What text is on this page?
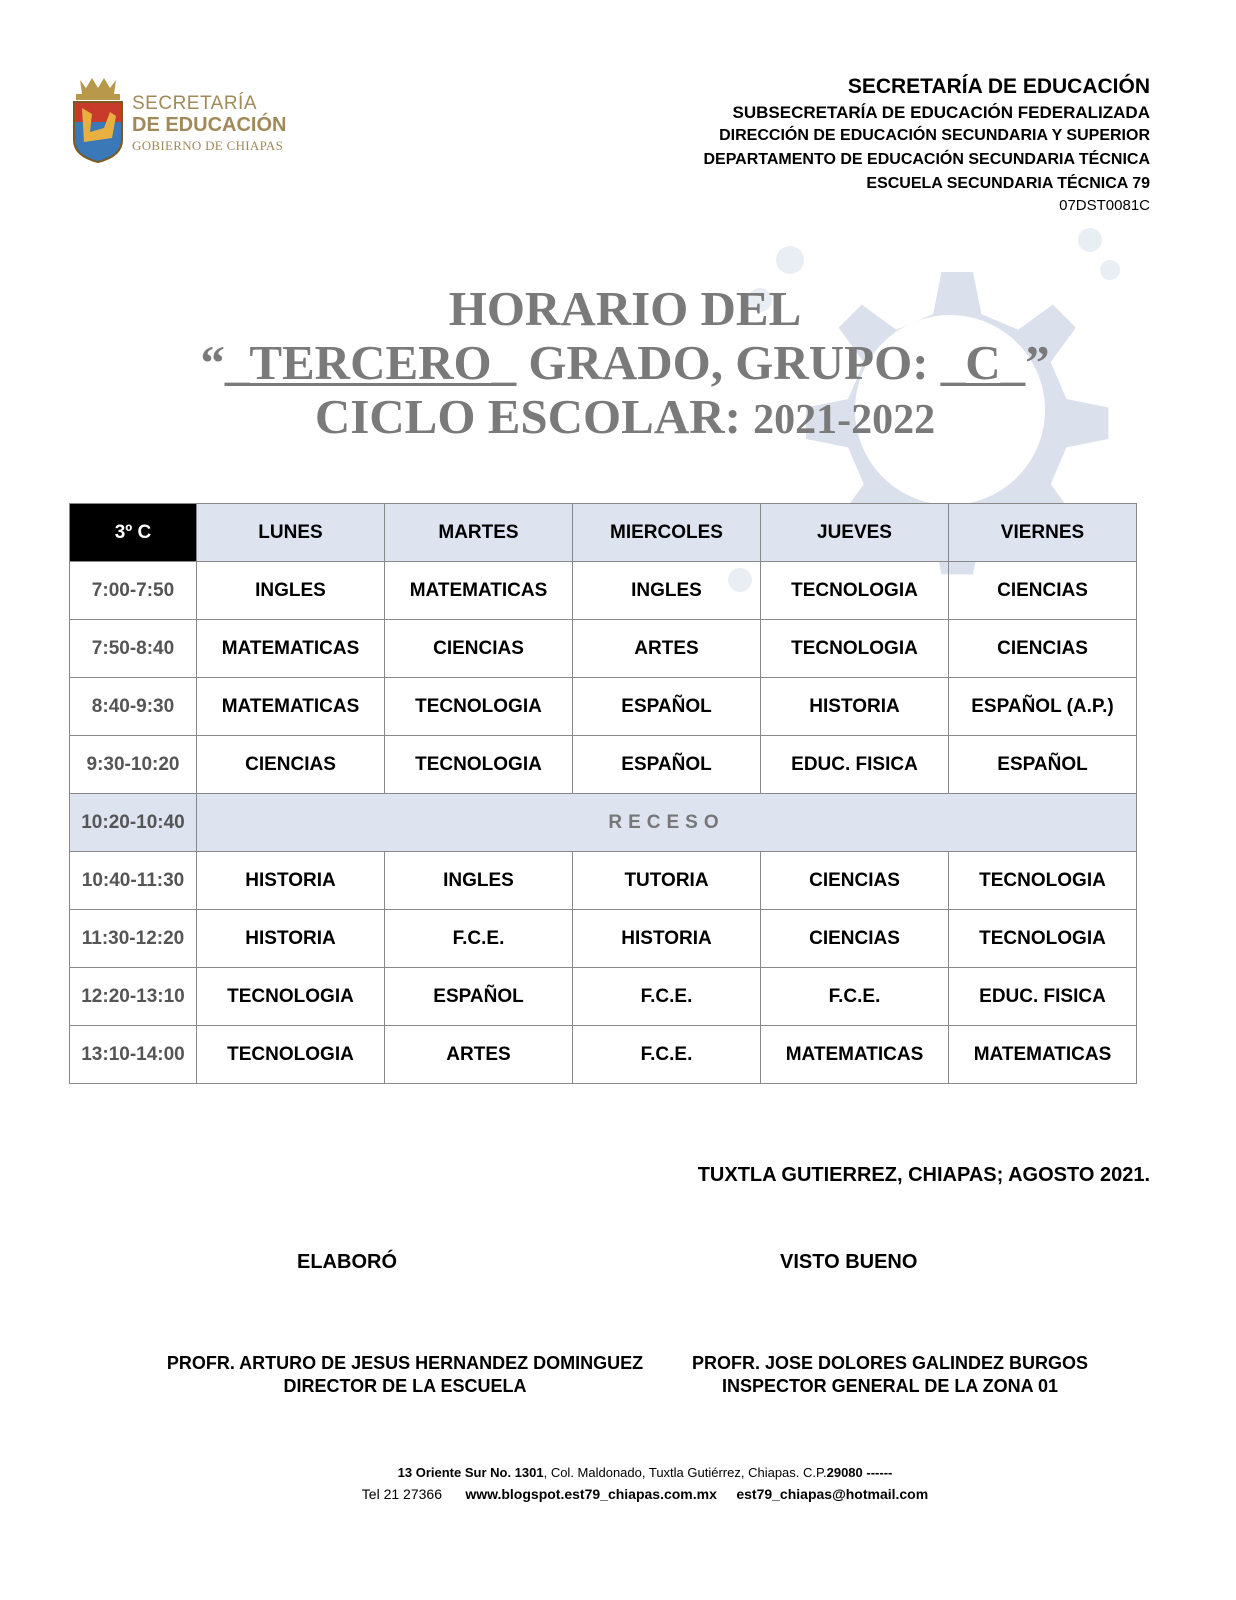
SECRETARÍA
DE EDUCACIÓN
GOBIERNO DE CHIAPAS
SECRETARÍA DE EDUCACIÓN
SUBSECRETARÍA DE EDUCACIÓN FEDERALIZADA
DIRECCIÓN DE EDUCACIÓN SECUNDARIA Y SUPERIOR
DEPARTAMENTO DE EDUCACIÓN SECUNDARIA TÉCNICA
ESCUELA SECUNDARIA TÉCNICA 79
07DST0081C
HORARIO DEL
“_TERCERO_ GRADO, GRUPO: _C_”
CICLO ESCOLAR: 2021-2022
3º C	LUNES	MARTES	MIERCOLES	JUEVES	VIERNES
7:00-7:50	INGLES	MATEMATICAS	INGLES	TECNOLOGIA	CIENCIAS
7:50-8:40	MATEMATICAS	CIENCIAS	ARTES	TECNOLOGIA	CIENCIAS
8:40-9:30	MATEMATICAS	TECNOLOGIA	ESPAÑOL	HISTORIA	ESPAÑOL (A.P.)
9:30-10:20	CIENCIAS	TECNOLOGIA	ESPAÑOL	EDUC. FISICA	ESPAÑOL
10:20-10:40	RECESO				
10:40-11:30	HISTORIA	INGLES	TUTORIA	CIENCIAS	TECNOLOGIA
11:30-12:20	HISTORIA	F.C.E.	HISTORIA	CIENCIAS	TECNOLOGIA
12:20-13:10	TECNOLOGIA	ESPAÑOL	F.C.E.	F.C.E.	EDUC. FISICA
13:10-14:00	TECNOLOGIA	ARTES	F.C.E.	MATEMATICAS	MATEMATICAS
TUXTLA GUTIERREZ, CHIAPAS; AGOSTO 2021.
ELABORÓ	VISTO BUENO
PROFR. ARTURO DE JESUS HERNANDEZ DOMINGUEZ
DIRECTOR DE LA ESCUELA
PROFR. JOSE DOLORES GALINDEZ BURGOS
INSPECTOR GENERAL DE LA ZONA 01
13 Oriente Sur No. 1301, Col. Maldonado, Tuxtla Gutiérrez, Chiapas. C.P.29080 ------
Tel 21 27366 www.blogspot.est79_chiapas.com.mx est79_chiapas@hotmail.com
